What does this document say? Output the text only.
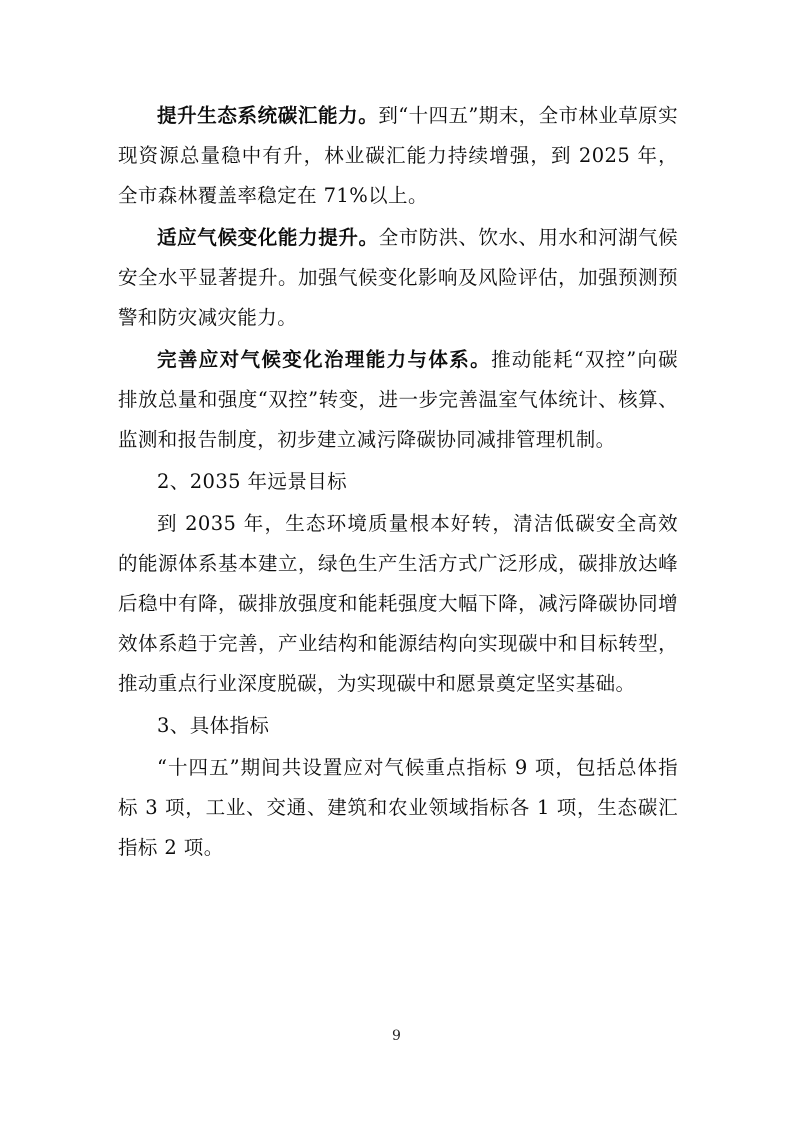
提升生态系统碳汇能力。到“十四五”期末，全市林业草原实现资源总量稳中有升，林业碳汇能力持续增强，到 2025 年，全市森林覆盖率稳定在 71%以上。

适应气候变化能力提升。全市防洪、饮水、用水和河湖气候安全水平显著提升。加强气候变化影响及风险评估，加强预测预警和防灾减灾能力。

完善应对气候变化治理能力与体系。推动能耗“双控”向碳排放总量和强度“双控”转变，进一步完善温室气体统计、核算、监测和报告制度，初步建立减污降碳协同减排管理机制。

2、2035 年远景目标

到 2035 年，生态环境质量根本好转，清洁低碳安全高效的能源体系基本建立，绿色生产生活方式广泛形成，碳排放达峰后稳中有降，碳排放强度和能耗强度大幅下降，减污降碳协同增效体系趋于完善，产业结构和能源结构向实现碳中和目标转型，推动重点行业深度脱碳，为实现碳中和愿景奠定坚实基础。

3、具体指标

“十四五”期间共设置应对气候重点指标 9 项，包括总体指标 3 项，工业、交通、建筑和农业领域指标各 1 项，生态碳汇指标 2 项。

9
